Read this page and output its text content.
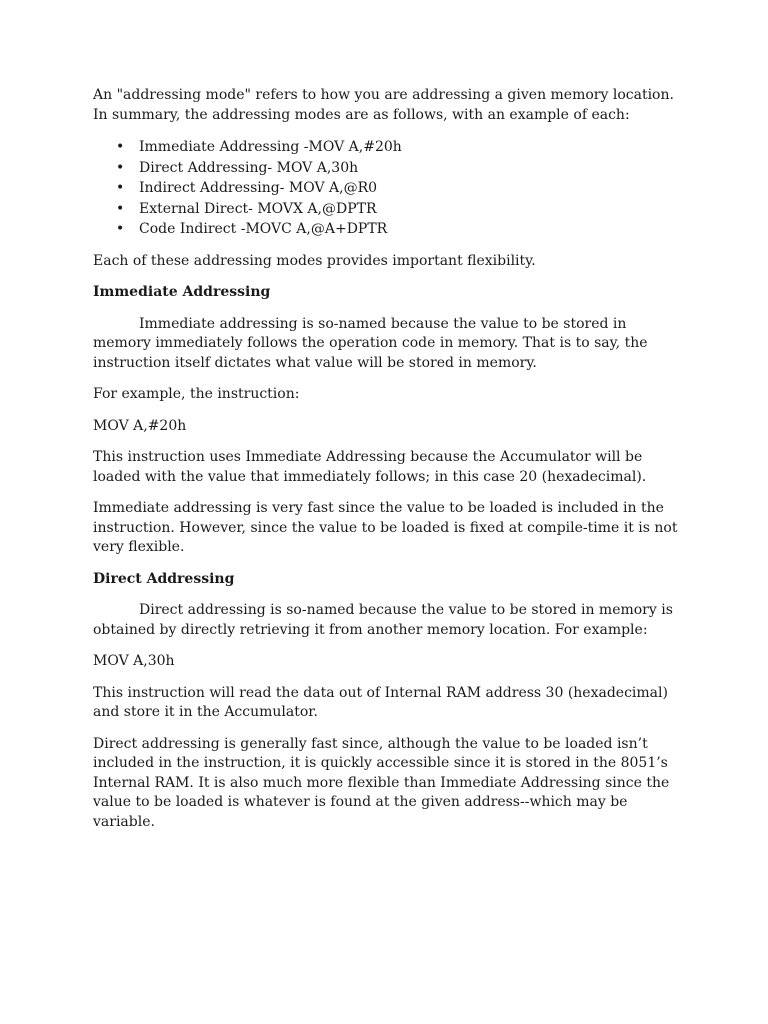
An "addressing mode" refers to how you are addressing a given memory location. In summary, the addressing modes are as follows, with an example of each:

• Immediate Addressing -MOV A,#20h
• Direct Addressing- MOV A,30h
• Indirect Addressing- MOV A,@R0
• External Direct- MOVX A,@DPTR
• Code Indirect -MOVC A,@A+DPTR

Each of these addressing modes provides important flexibility.

Immediate Addressing

Immediate addressing is so-named because the value to be stored in memory immediately follows the operation code in memory. That is to say, the instruction itself dictates what value will be stored in memory.

For example, the instruction:

MOV A,#20h

This instruction uses Immediate Addressing because the Accumulator will be loaded with the value that immediately follows; in this case 20 (hexadecimal).

Immediate addressing is very fast since the value to be loaded is included in the instruction. However, since the value to be loaded is fixed at compile-time it is not very flexible.

Direct Addressing

Direct addressing is so-named because the value to be stored in memory is obtained by directly retrieving it from another memory location. For example:

MOV A,30h

This instruction will read the data out of Internal RAM address 30 (hexadecimal) and store it in the Accumulator.

Direct addressing is generally fast since, although the value to be loaded isn’t included in the instruction, it is quickly accessible since it is stored in the 8051’s Internal RAM. It is also much more flexible than Immediate Addressing since the value to be loaded is whatever is found at the given address--which may be variable.
